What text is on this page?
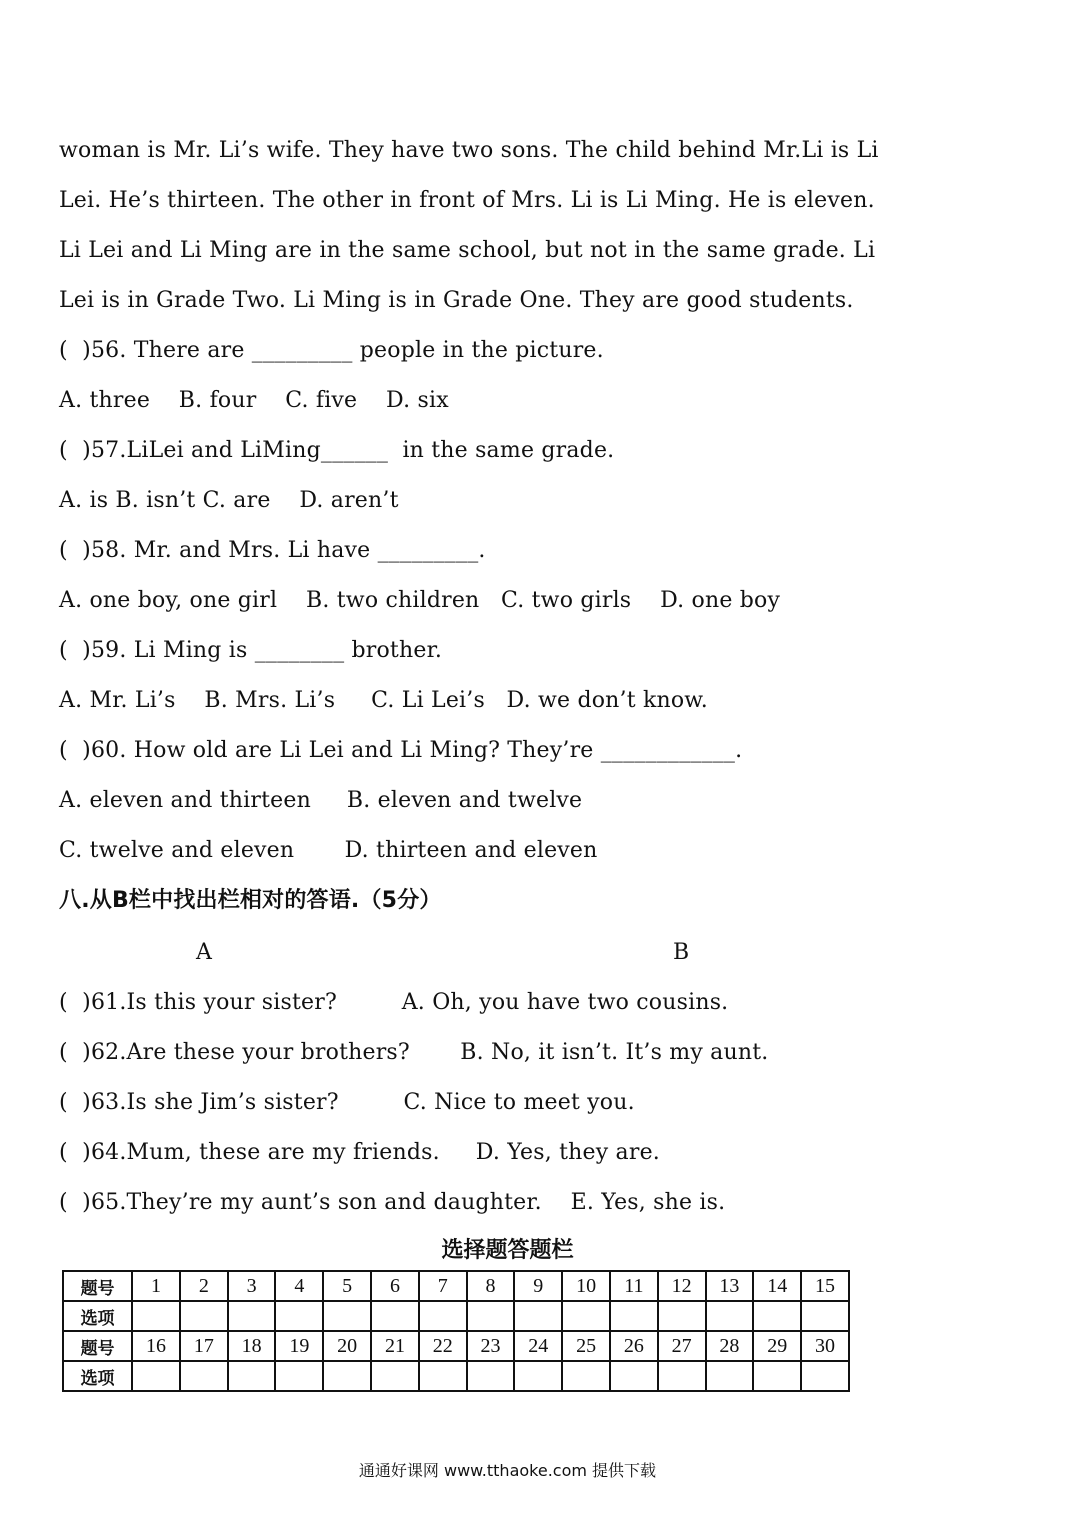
woman is Mr. Li’s wife. They have two sons. The child behind Mr.Li is Li
Lei. He’s thirteen. The other in front of Mrs. Li is Li Ming. He is eleven.
Li Lei and Li Ming are in the same school, but not in the same grade. Li
Lei is in Grade Two. Li Ming is in Grade One. They are good students.
(  )56. There are _________ people in the picture.
A. three    B. four    C. five    D. six
(  )57.LiLei and LiMing______  in the same grade.
A. is B. isn’t C. are    D. aren’t
(  )58. Mr. and Mrs. Li have _________.
A. one boy, one girl    B. two children   C. two girls    D. one boy
(  )59. Li Ming is ________ brother.
A. Mr. Li’s    B. Mrs. Li’s     C. Li Lei’s   D. we don’t know.
(  )60. How old are Li Lei and Li Ming? They’re ____________.
A. eleven and thirteen     B. eleven and twelve
C. twelve and eleven       D. thirteen and eleven
八.从B栏中找出栏相对的答语.（5分）
A	B
(  )61.Is this your sister?         A. Oh, you have two cousins.
(  )62.Are these your brothers?       B. No, it isn’t. It’s my aunt.
(  )63.Is she Jim’s sister?         C. Nice to meet you.
(  )64.Mum, these are my friends.     D. Yes, they are.
(  )65.They’re my aunt’s son and daughter.    E. Yes, she is.
选择题答题栏
题号	1	2	3	4	5	6	7	8	9	10	11	12	13	14	15
选项															
题号	16	17	18	19	20	21	22	23	24	25	26	27	28	29	30
选项															
通通好课网 www.tthaoke.com 提供下载
